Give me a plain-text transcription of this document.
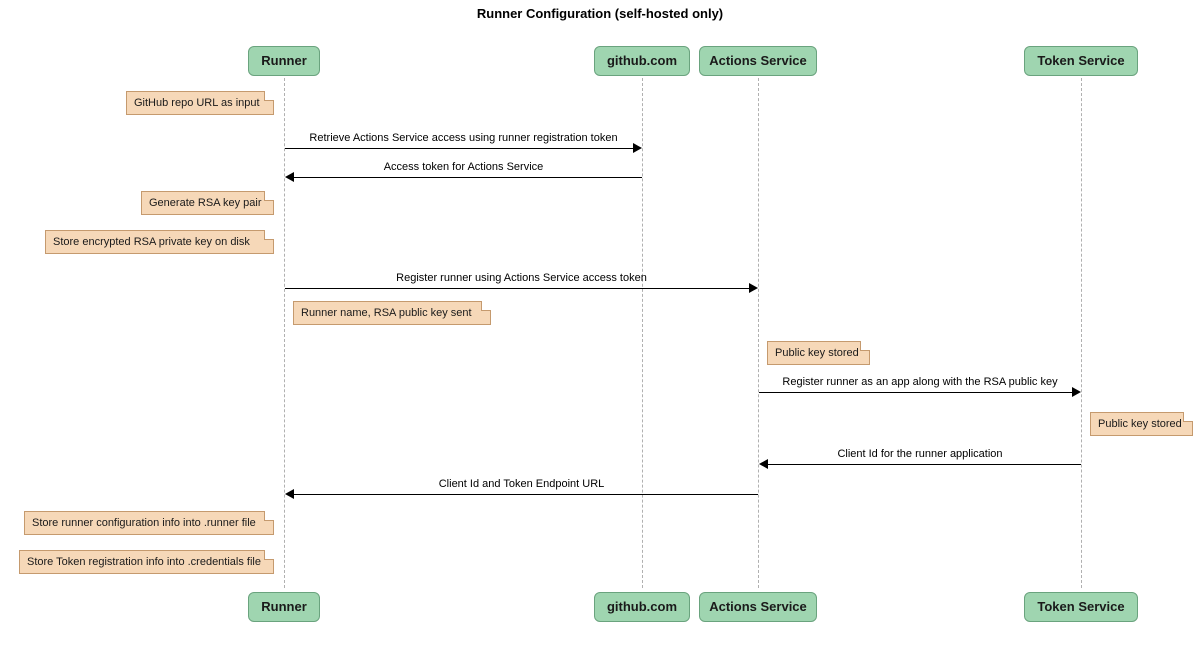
Runner Configuration (self-hosted only)
Runner	github.com	Actions Service	Token Service
Runner	github.com	Actions Service	Token Service
GitHub repo URL as input
Generate RSA key pair
Store encrypted RSA private key on disk
Runner name, RSA public key sent
Public key stored
Public key stored
Store runner configuration info into .runner file
Store Token registration info into .credentials file
Retrieve Actions Service access using runner registration token
Access token for Actions Service
Register runner using Actions Service access token
Register runner as an app along with the RSA public key
Client Id for the runner application
Client Id and Token Endpoint URL
